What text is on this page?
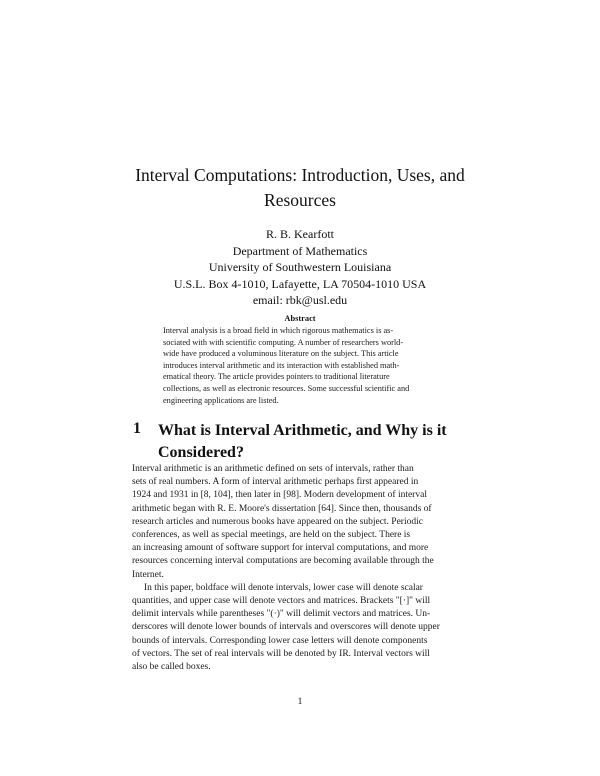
Interval Computations: Introduction, Uses, and
Resources
R. B. Kearfott
Department of Mathematics
University of Southwestern Louisiana
U.S.L. Box 4-1010, Lafayette, LA 70504-1010 USA
email: rbk@usl.edu
Abstract
Interval analysis is a broad field in which rigorous mathematics is as-
sociated with with scientific computing. A number of researchers world-
wide have produced a voluminous literature on the subject. This article
introduces interval arithmetic and its interaction with established math-
ematical theory. The article provides pointers to traditional literature
collections, as well as electronic resources. Some successful scientific and
engineering applications are listed.
1 What is Interval Arithmetic, and Why is it
Considered?
Interval arithmetic is an arithmetic defined on sets of intervals, rather than
sets of real numbers. A form of interval arithmetic perhaps first appeared in
1924 and 1931 in [8, 104], then later in [98]. Modern development of interval
arithmetic began with R. E. Moore's dissertation [64]. Since then, thousands of
research articles and numerous books have appeared on the subject. Periodic
conferences, as well as special meetings, are held on the subject. There is
an increasing amount of software support for interval computations, and more
resources concerning interval computations are becoming available through the
Internet.
In this paper, boldface will denote intervals, lower case will denote scalar
quantities, and upper case will denote vectors and matrices. Brackets "[·]" will
delimit intervals while parentheses "(·)" will delimit vectors and matrices. Un-
derscores will denote lower bounds of intervals and overscores will denote upper
bounds of intervals. Corresponding lower case letters will denote components
of vectors. The set of real intervals will be denoted by IR. Interval vectors will
also be called boxes.
1
